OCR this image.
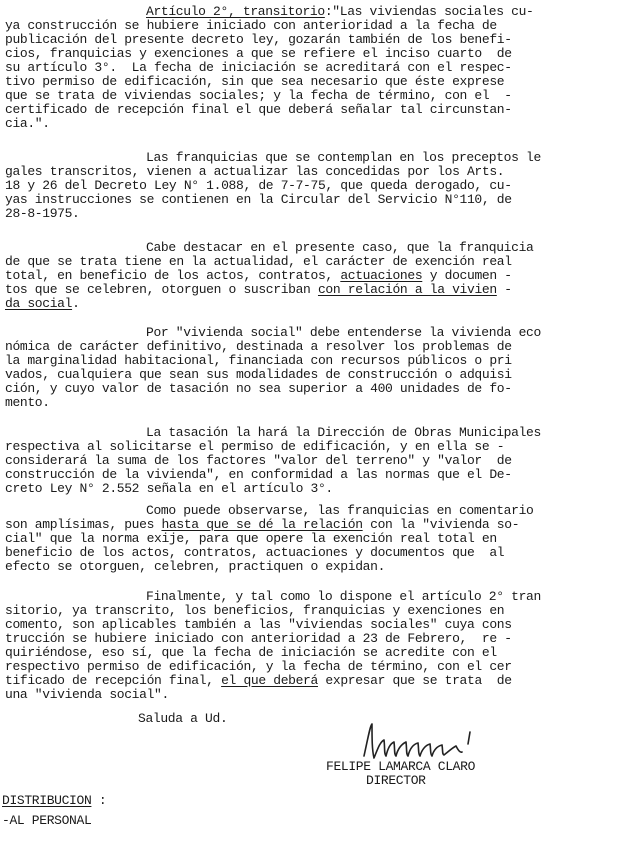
Artículo 2°, transitorio:"Las viviendas sociales cu-
ya construcción se hubiere iniciado con anterioridad a la fecha de
publicación del presente decreto ley, gozarán también de los benefi-
cios, franquicias y exenciones a que se refiere el inciso cuarto  de
su artículo 3°.  La fecha de iniciación se acreditará con el respec-
tivo permiso de edificación, sin que sea necesario que éste exprese
que se trata de viviendas sociales; y la fecha de término, con el  -
certificado de recepción final el que deberá señalar tal circunstan-
cia.".
Las franquicias que se contemplan en los preceptos le
gales transcritos, vienen a actualizar las concedidas por los Arts.
18 y 26 del Decreto Ley N° 1.088, de 7-7-75, que queda derogado, cu-
yas instrucciones se contienen en la Circular del Servicio N°110, de
28-8-1975.
Cabe destacar en el presente caso, que la franquicia
de que se trata tiene en la actualidad, el carácter de exención real
total, en beneficio de los actos, contratos, actuaciones y documen -
tos que se celebren, otorguen o suscriban con relación a la vivien -
da social.
Por "vivienda social" debe entenderse la vivienda eco
nómica de carácter definitivo, destinada a resolver los problemas de
la marginalidad habitacional, financiada con recursos públicos o pri
vados, cualquiera que sean sus modalidades de construcción o adquisi
ción, y cuyo valor de tasación no sea superior a 400 unidades de fo-
mento.
La tasación la hará la Dirección de Obras Municipales
respectiva al solicitarse el permiso de edificación, y en ella se -
considerará la suma de los factores "valor del terreno" y "valor  de
construcción de la vivienda", en conformidad a las normas que el De-
creto Ley N° 2.552 señala en el artículo 3°.
Como puede observarse, las franquicias en comentario
son amplísimas, pues hasta que se dé la relación con la "vivienda so-
cial" que la norma exije, para que opere la exención real total en
beneficio de los actos, contratos, actuaciones y documentos que  al
efecto se otorguen, celebren, practiquen o expidan.
Finalmente, y tal como lo dispone el artículo 2° tran
sitorio, ya transcrito, los beneficios, franquicias y exenciones en
comento, son aplicables también a las "viviendas sociales" cuya cons
trucción se hubiere iniciado con anterioridad a 23 de Febrero,  re -
quiriéndose, eso sí, que la fecha de iniciación se acredite con el
respectivo permiso de edificación, y la fecha de término, con el cer
tificado de recepción final, el que deberá expresar que se trata  de
una "vivienda social".
Saluda a Ud.
FELIPE LAMARCA CLARO
DIRECTOR
DISTRIBUCION :
-AL PERSONAL
